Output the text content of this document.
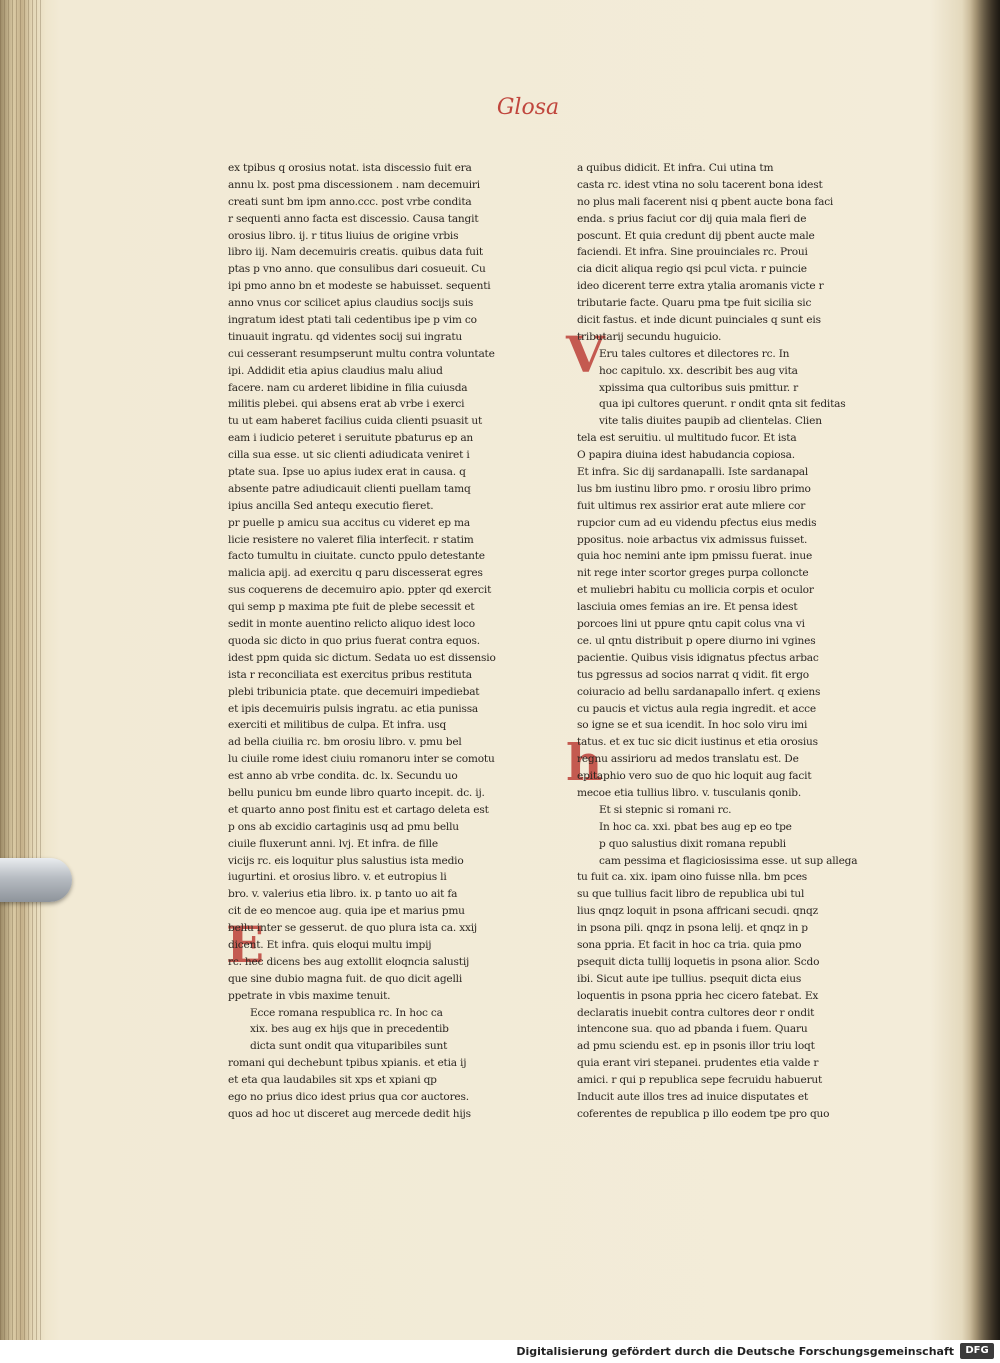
Glosa
E
V
h
ex tpibus q orosius notat. ista discessio fuit era
annu lx. post pma discessionem . nam decemuiri
creati sunt bm ipm anno.ccc. post vrbe condita
r sequenti anno facta est discessio. Causa tangit
orosius libro. ij. r titus liuius de origine vrbis
libro iij. Nam decemuiris creatis. quibus data fuit
ptas p vno anno. que consulibus dari cosueuit. Cu
ipi pmo anno bn et modeste se habuisset. sequenti
anno vnus cor scilicet apius claudius socijs suis
ingratum idest ptati tali cedentibus ipe p vim co
tinuauit ingratu. qd videntes socij sui ingratu
cui cesserant resumpserunt multu contra voluntate
ipi. Addidit etia apius claudius malu aliud
facere. nam cu arderet libidine in filia cuiusda
militis plebei. qui absens erat ab vrbe i exerci
tu ut eam haberet facilius cuida clienti psuasit ut
eam i iudicio peteret i seruitute pbaturus ep an
cilla sua esse. ut sic clienti adiudicata veniret i
ptate sua. Ipse uo apius iudex erat in causa. q
absente patre adiudicauit clienti puellam tamq
ipius ancilla Sed antequ executio fieret.
pr puelle p amicu sua accitus cu videret ep ma
licie resistere no valeret filia interfecit. r statim
facto tumultu in ciuitate. cuncto ppulo detestante
malicia apij. ad exercitu q paru discesserat egres
sus coquerens de decemuiro apio. ppter qd exercit
qui semp p maxima pte fuit de plebe secessit et
sedit in monte auentino relicto aliquo idest loco
quoda sic dicto in quo prius fuerat contra equos.
idest ppm quida sic dictum. Sedata uo est dissensio
ista r reconciliata est exercitus pribus restituta
plebi tribunicia ptate. que decemuiri impediebat
et ipis decemuiris pulsis ingratu. ac etia punissa
exerciti et militibus de culpa. Et infra. usq
ad bella ciuilia rc. bm orosiu libro. v. pmu bel
lu ciuile rome idest ciuiu romanoru inter se comotu
est anno ab vrbe condita. dc. lx. Secundu uo
bellu punicu bm eunde libro quarto incepit. dc. ij.
et quarto anno post finitu est et cartago deleta est
p ons ab excidio cartaginis usq ad pmu bellu
ciuile fluxerunt anni. lvj. Et infra. de fille
vicijs rc. eis loquitur plus salustius ista medio
iugurtini. et orosius libro. v. et eutropius li
bro. v. valerius etia libro. ix. p tanto uo ait fa
cit de eo mencoe aug. quia ipe et marius pmu
bellu inter se gesserut. de quo plura ista ca. xxij
dicent. Et infra. quis eloqui multu impij
rc. hec dicens bes aug extollit eloqncia salustij
que sine dubio magna fuit. de quo dicit agelli
ppetrate in vbis maxime tenuit.
Ecce romana respublica rc. In hoc ca
xix. bes aug ex hijs que in precedentib
dicta sunt ondit qua vituparibiles sunt
romani qui dechebunt tpibus xpianis. et etia ij
et eta qua laudabiles sit xps et xpiani qp
ego no prius dico idest prius qua cor auctores.
quos ad hoc ut disceret aug mercede dedit hijs
a quibus didicit. Et infra. Cui utina tm
casta rc. idest vtina no solu tacerent bona idest
no plus mali facerent nisi q pbent aucte bona faci
enda. s prius faciut cor dij quia mala fieri de
poscunt. Et quia credunt dij pbent aucte male
faciendi. Et infra. Sine prouinciales rc. Proui
cia dicit aliqua regio qsi pcul victa. r puincie
ideo dicerent terre extra ytalia aromanis victe r
tributarie facte. Quaru pma tpe fuit sicilia sic
dicit fastus. et inde dicunt puinciales q sunt eis
tributarij secundu huguicio.
Eru tales cultores et dilectores rc. In
hoc capitulo. xx. describit bes aug vita
xpissima qua cultoribus suis pmittur. r
qua ipi cultores querunt. r ondit qnta sit feditas
vite talis diuites paupib ad clientelas. Clien
tela est seruitiu. ul multitudo fucor. Et ista
O papira diuina idest habudancia copiosa.
Et infra. Sic dij sardanapalli. Iste sardanapal
lus bm iustinu libro pmo. r orosiu libro primo
fuit ultimus rex assirior erat aute mliere cor
rupcior cum ad eu videndu pfectus eius medis
ppositus. noie arbactus vix admissus fuisset.
quia hoc nemini ante ipm pmissu fuerat. inue
nit rege inter scortor greges purpa colloncte
et muliebri habitu cu mollicia corpis et oculor
lasciuia omes femias an ire. Et pensa idest
porcoes lini ut ppure qntu capit colus vna vi
ce. ul qntu distribuit p opere diurno ini vgines
pacientie. Quibus visis idignatus pfectus arbac
tus pgressus ad socios narrat q vidit. fit ergo
coiuracio ad bellu sardanapallo infert. q exiens
cu paucis et victus aula regia ingredit. et acce
so igne se et sua icendit. In hoc solo viru imi
tatus. et ex tuc sic dicit iustinus et etia orosius
regnu assirioru ad medos translatu est. De
epitaphio vero suo de quo hic loquit aug facit
mecoe etia tullius libro. v. tusculanis qonib.
Et si stepnic si romani rc.
In hoc ca. xxi. pbat bes aug ep eo tpe
p quo salustius dixit romana republi
cam pessima et flagiciosissima esse. ut sup allega
tu fuit ca. xix. ipam oino fuisse nlla. bm pces
su que tullius facit libro de republica ubi tul
lius qnqz loquit in psona affricani secudi. qnqz
in psona pili. qnqz in psona lelij. et qnqz in p
sona ppria. Et facit in hoc ca tria. quia pmo
psequit dicta tullij loquetis in psona alior. Scdo
ibi. Sicut aute ipe tullius. psequit dicta eius
loquentis in psona ppria hec cicero fatebat. Ex
declaratis inuebit contra cultores deor r ondit
intencone sua. quo ad pbanda i fuem. Quaru
ad pmu sciendu est. ep in psonis illor triu loqt
quia erant viri stepanei. prudentes etia valde r
amici. r qui p republica sepe fecruidu habuerut
Inducit aute illos tres ad inuice disputates et
coferentes de republica p illo eodem tpe pro quo
Digitalisierung gefördert durch die Deutsche Forschungsgemeinschaft	DFG
